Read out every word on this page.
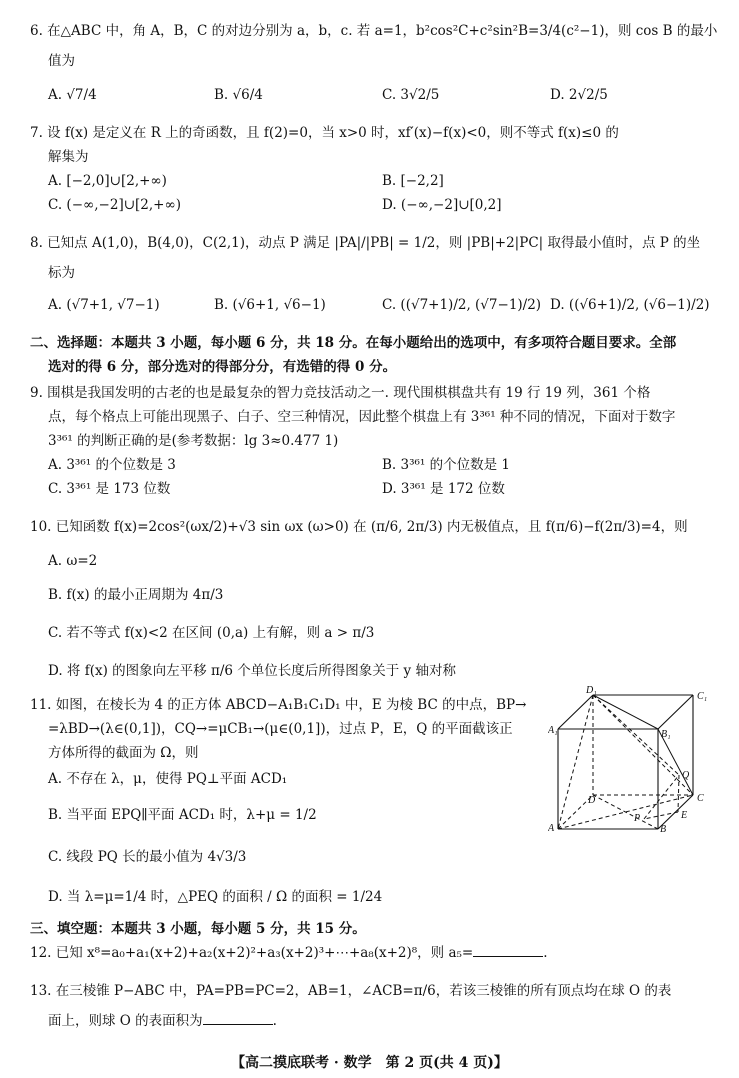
6. 在△ABC 中，角 A，B，C 的对边分别为 a，b，c. 若 a=1，b²cos²C+c²sin²B=3/4(c²−1)，则 cos B 的最小
值为
A. √7/4	B. √6/4	C. 3√2/5	D. 2√2/5
7. 设 f(x) 是定义在 R 上的奇函数，且 f(2)=0，当 x>0 时，xf′(x)−f(x)<0，则不等式 f(x)≤0 的
解集为
A. [−2,0]∪[2,+∞)	B. [−2,2]
C. (−∞,−2]∪[2,+∞)	D. (−∞,−2]∪[0,2]
8. 已知点 A(1,0)，B(4,0)，C(2,1)，动点 P 满足 |PA|/|PB| = 1/2，则 |PB|+2|PC| 取得最小值时，点 P 的坐
标为
A. (√7+1, √7−1)	B. (√6+1, √6−1)	C. ((√7+1)/2, (√7−1)/2) D. ((√6+1)/2, (√6−1)/2)
二、选择题：本题共 3 小题，每小题 6 分，共 18 分。在每小题给出的选项中，有多项符合题目要求。全部
选对的得 6 分，部分选对的得部分分，有选错的得 0 分。
9. 围棋是我国发明的古老的也是最复杂的智力竞技活动之一. 现代围棋棋盘共有 19 行 19 列，361 个格
点，每个格点上可能出现黑子、白子、空三种情况，因此整个棋盘上有 3³⁶¹ 种不同的情况，下面对于数字
3³⁶¹ 的判断正确的是(参考数据：lg 3≈0.477 1)
A. 3³⁶¹ 的个位数是 3	B. 3³⁶¹ 的个位数是 1
C. 3³⁶¹ 是 173 位数	D. 3³⁶¹ 是 172 位数
10. 已知函数 f(x)=2cos²(ωx/2)+√3 sin ωx (ω>0) 在 (π/6, 2π/3) 内无极值点，且 f(π/6)−f(2π/3)=4，则
A. ω=2
B. f(x) 的最小正周期为 4π/3
C. 若不等式 f(x)<2 在区间 (0,a) 上有解，则 a > π/3
D. 将 f(x) 的图象向左平移 π/6 个单位长度后所得图象关于 y 轴对称
11. 如图，在棱长为 4 的正方体 ABCD−A₁B₁C₁D₁ 中，E 为棱 BC 的中点，BP→
=λBD→(λ∈(0,1])，CQ→=μCB₁→(μ∈(0,1])，过点 P，E，Q 的平面截该正
方体所得的截面为 Ω，则
A. 不存在 λ，μ，使得 PQ⊥平面 ACD₁
B. 当平面 EPQ∥平面 ACD₁ 时，λ+μ = 1/2
C. 线段 PQ 长的最小值为 4√3/3
D. 当 λ=μ=1/4 时，△PEQ 的面积 / Ω 的面积 = 1/24
D₁
C₁
A₁	B₁
D
Q
C
A
P	E
B
三、填空题：本题共 3 小题，每小题 5 分，共 15 分。
12. 已知 x⁸=a₀+a₁(x+2)+a₂(x+2)²+a₃(x+2)³+⋯+a₈(x+2)⁸，则 a₅=	.
13. 在三棱锥 P−ABC 中，PA=PB=PC=2，AB=1，∠ACB=π/6，若该三棱锥的所有顶点均在球 O 的表
面上，则球 O 的表面积为	.
【高二摸底联考 · 数学　第 2 页(共 4 页)】
